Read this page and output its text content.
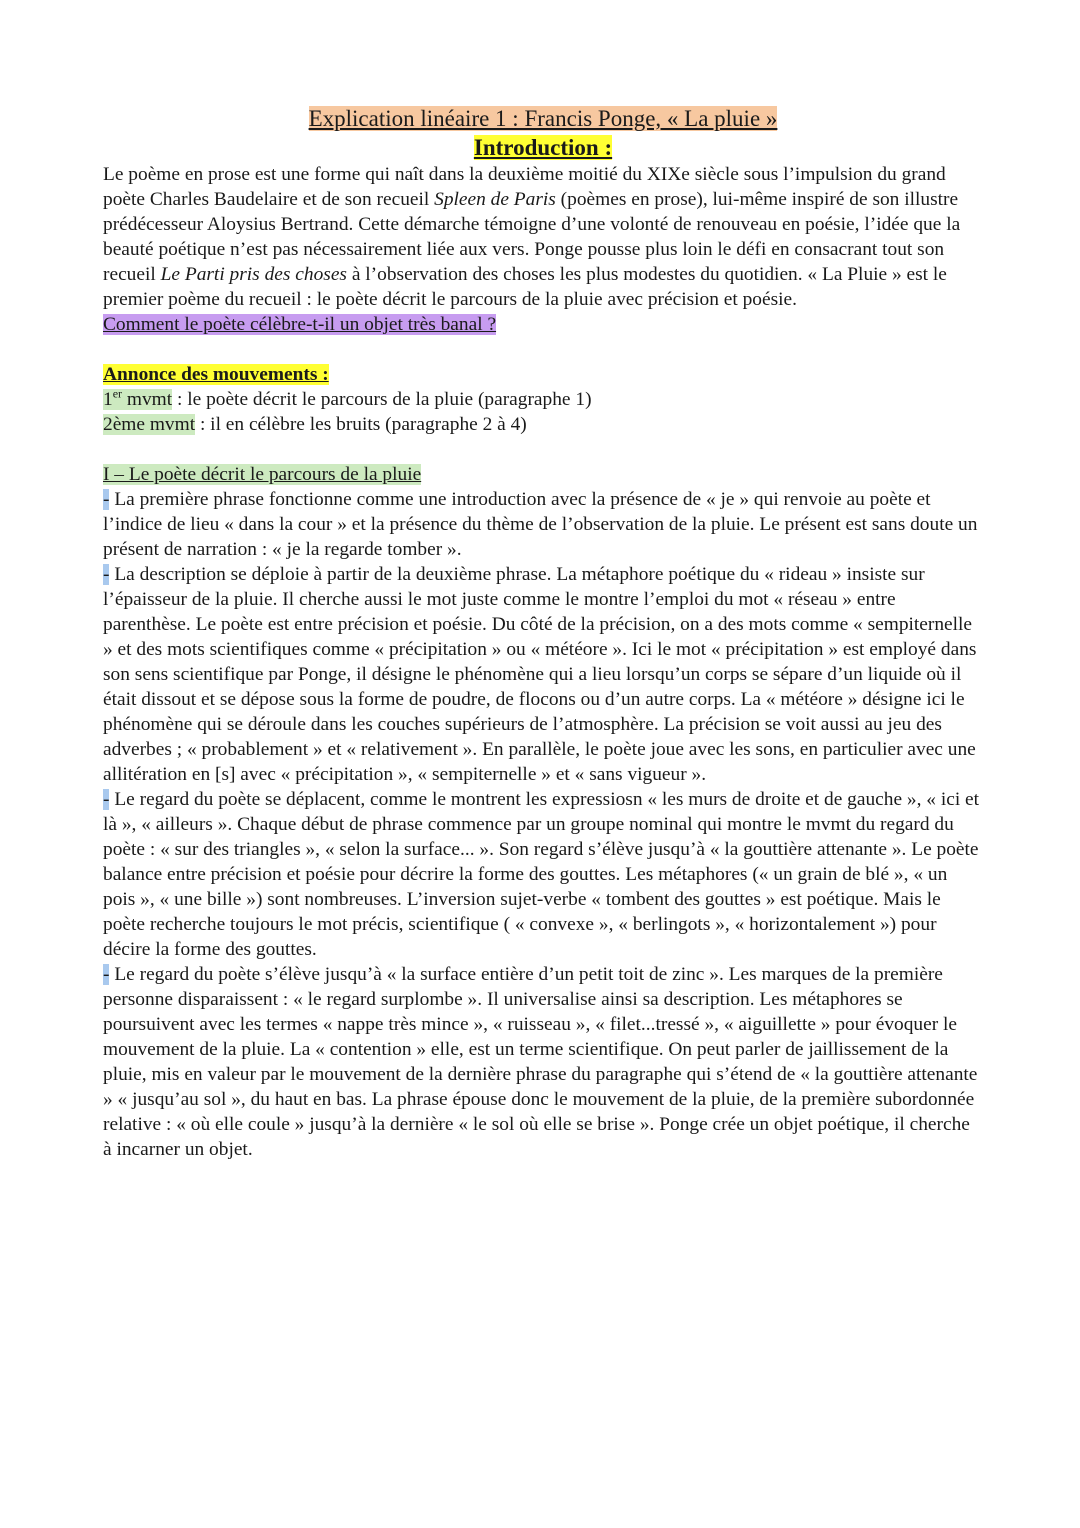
Explication linéaire 1 : Francis Ponge, « La pluie »
Introduction :

Le poème en prose est une forme qui naît dans la deuxième moitié du XIXe siècle sous l’impulsion du grand poète Charles Baudelaire et de son recueil Spleen de Paris (poèmes en prose), lui-même inspiré de son illustre prédécesseur Aloysius Bertrand. Cette démarche témoigne d’une volonté de renouveau en poésie, l’idée que la beauté poétique n’est pas nécessairement liée aux vers. Ponge pousse plus loin le défi en consacrant tout son recueil Le Parti pris des choses à l’observation des choses les plus modestes du quotidien. « La Pluie » est le premier poème du recueil : le poète décrit le parcours de la pluie avec précision et poésie.

Comment le poète célèbre-t-il un objet très banal ?

Annonce des mouvements :

1er mvmt : le poète décrit le parcours de la pluie (paragraphe 1)

2ème mvmt : il en célèbre les bruits (paragraphe 2 à 4)

I – Le poète décrit le parcours de la pluie

- La première phrase fonctionne comme une introduction avec la présence de « je » qui renvoie au poète et l’indice de lieu « dans la cour » et la présence du thème de l’observation de la pluie. Le présent est sans doute un présent de narration : « je la regarde tomber ».

- La description se déploie à partir de la deuxième phrase. La métaphore poétique du « rideau » insiste sur l’épaisseur de la pluie. Il cherche aussi le mot juste comme le montre l’emploi du mot « réseau » entre parenthèse. Le poète est entre précision et poésie. Du côté de la précision, on a des mots comme « sempiternelle » et des mots scientifiques comme « précipitation » ou « météore ». Ici le mot « précipitation » est employé dans son sens scientifique par Ponge, il désigne le phénomène qui a lieu lorsqu’un corps se sépare d’un liquide où il était dissout et se dépose sous la forme de poudre, de flocons ou d’un autre corps. La « météore » désigne ici le phénomène qui se déroule dans les couches supérieurs de l’atmosphère. La précision se voit aussi au jeu des adverbes ; « probablement » et « relativement ». En parallèle, le poète joue avec les sons, en particulier avec une allitération en [s] avec « précipitation », « sempiternelle » et « sans vigueur ».

- Le regard du poète se déplacent, comme le montrent les expressiosn « les murs de droite et de gauche », « ici et là », « ailleurs ». Chaque début de phrase commence par un groupe nominal qui montre le mvmt du regard du poète : « sur des triangles », « selon la surface... ». Son regard s’élève jusqu’à « la gouttière attenante ». Le poète balance entre précision et poésie pour décrire la forme des gouttes. Les métaphores (« un grain de blé », « un pois », « une bille ») sont nombreuses. L’inversion sujet-verbe « tombent des gouttes » est poétique. Mais le poète recherche toujours le mot précis, scientifique ( « convexe », « berlingots », « horizontalement ») pour décire la forme des gouttes.

- Le regard du poète s’élève jusqu’à « la surface entière d’un petit toit de zinc ». Les marques de la première personne disparaissent : « le regard surplombe ». Il universalise ainsi sa description. Les métaphores se poursuivent avec les termes « nappe très mince », « ruisseau », « filet...tressé », « aiguillette » pour évoquer le mouvement de la pluie. La « contention » elle, est un terme scientifique. On peut parler de jaillissement de la pluie, mis en valeur par le mouvement de la dernière phrase du paragraphe qui s’étend de « la gouttière attenante » « jusqu’au sol », du haut en bas. La phrase épouse donc le mouvement de la pluie, de la première subordonnée relative : « où elle coule » jusqu’à la dernière « le sol où elle se brise ». Ponge crée un objet poétique, il cherche à incarner un objet.
